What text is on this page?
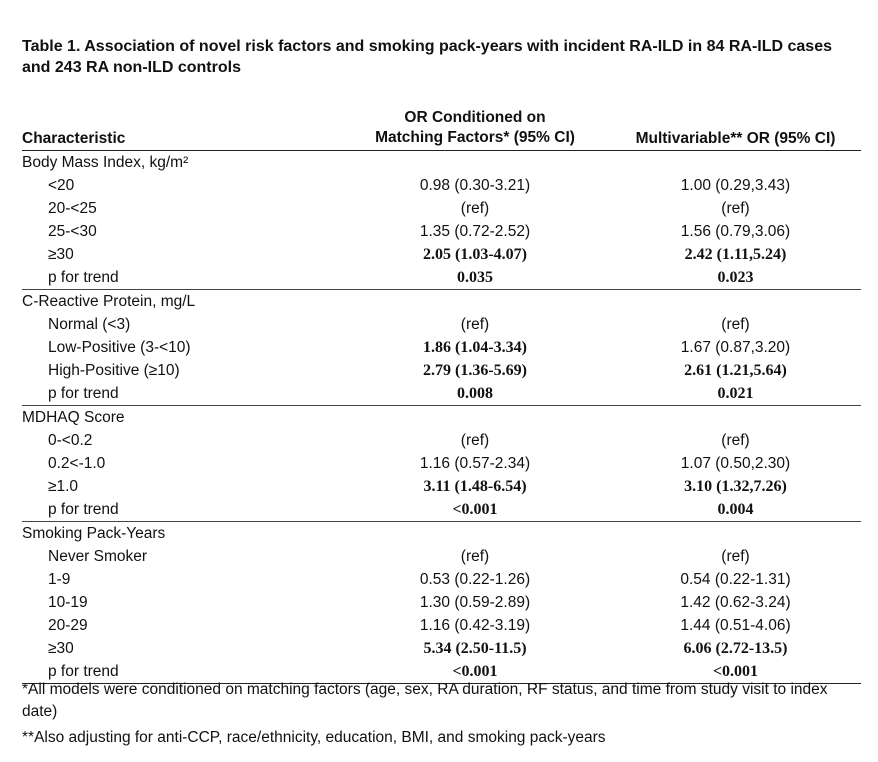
Table 1. Association of novel risk factors and smoking pack-years with incident RA-ILD in 84 RA-ILD cases and 243 RA non-ILD controls
Characteristic
OR Conditioned on
Matching Factors* (95% CI)	Multivariable** OR (95% CI)
Body Mass Index, kg/m²
<20	0.98 (0.30-3.21)	1.00 (0.29,3.43)
20-<25	(ref)	(ref)
25-<30	1.35 (0.72-2.52)	1.56 (0.79,3.06)
≥30	2.05 (1.03-4.07)	2.42 (1.11,5.24)
p for trend	0.035	0.023
C-Reactive Protein, mg/L
Normal (<3)	(ref)	(ref)
Low-Positive (3-<10)	1.86 (1.04-3.34)	1.67 (0.87,3.20)
High-Positive (≥10)	2.79 (1.36-5.69)	2.61 (1.21,5.64)
p for trend	0.008	0.021
MDHAQ Score
0-<0.2	(ref)	(ref)
0.2<-1.0	1.16 (0.57-2.34)	1.07 (0.50,2.30)
≥1.0	3.11 (1.48-6.54)	3.10 (1.32,7.26)
p for trend	<0.001	0.004
Smoking Pack-Years
Never Smoker	(ref)	(ref)
1-9	0.53 (0.22-1.26)	0.54 (0.22-1.31)
10-19	1.30 (0.59-2.89)	1.42 (0.62-3.24)
20-29	1.16 (0.42-3.19)	1.44 (0.51-4.06)
≥30	5.34 (2.50-11.5)	6.06 (2.72-13.5)
p for trend	<0.001	<0.001

*All models were conditioned on matching factors (age, sex, RA duration, RF status, and time from study visit to index date)

**Also adjusting for anti-CCP, race/ethnicity, education, BMI, and smoking pack-years
